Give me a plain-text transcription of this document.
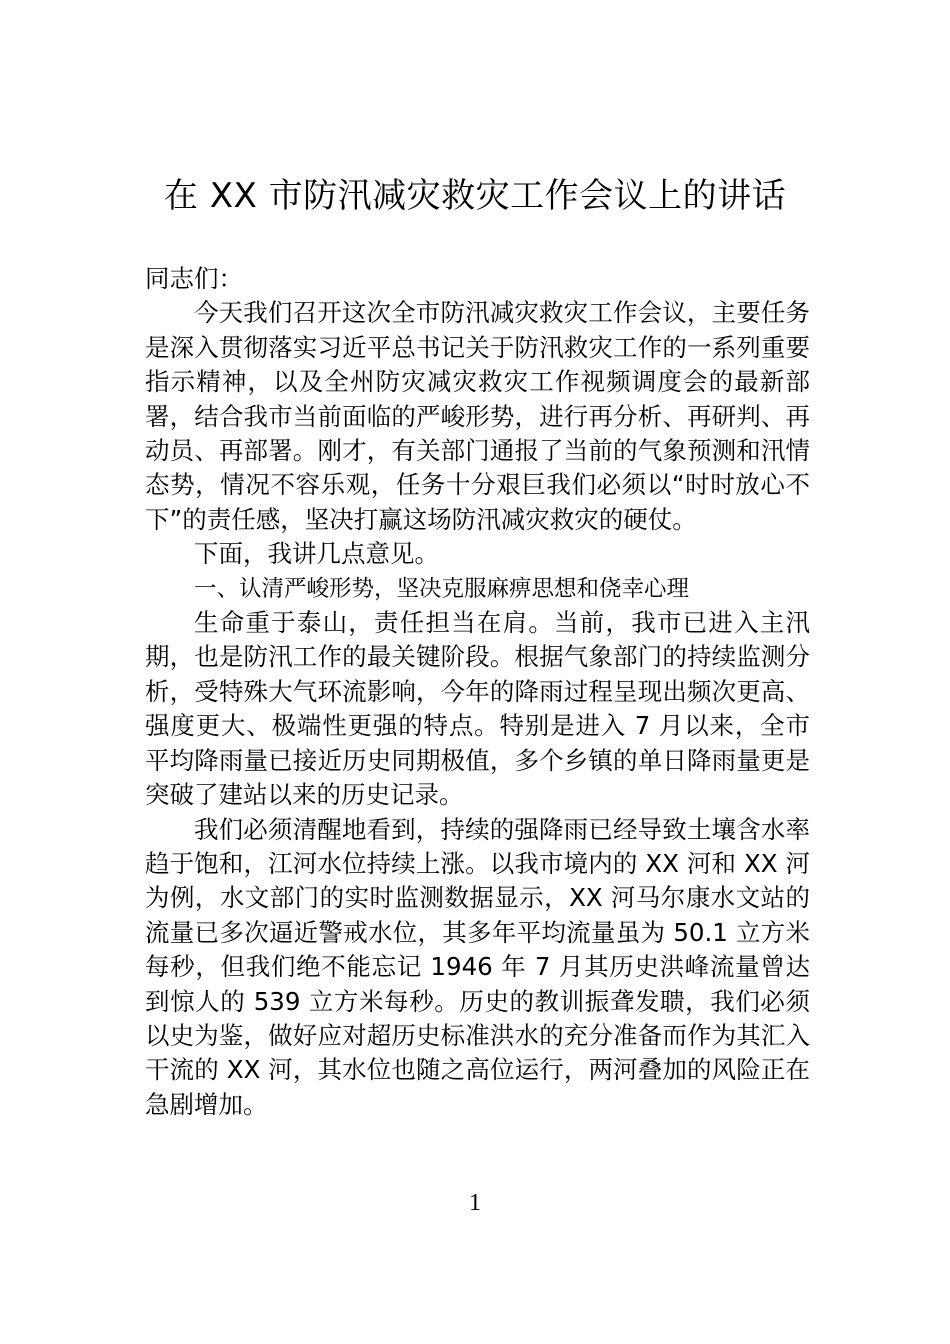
在 XX 市防汛减灾救灾工作会议上的讲话

同志们：

今天我们召开这次全市防汛减灾救灾工作会议，主要任务是深入贯彻落实习近平总书记关于防汛救灾工作的一系列重要指示精神，以及全州防灾减灾救灾工作视频调度会的最新部署，结合我市当前面临的严峻形势，进行再分析、再研判、再动员、再部署。刚才，有关部门通报了当前的气象预测和汛情态势，情况不容乐观，任务十分艰巨我们必须以“时时放心不下”的责任感，坚决打赢这场防汛减灾救灾的硬仗。

下面，我讲几点意见。

一、认清严峻形势，坚决克服麻痹思想和侥幸心理

生命重于泰山，责任担当在肩。当前，我市已进入主汛期，也是防汛工作的最关键阶段。根据气象部门的持续监测分析，受特殊大气环流影响，今年的降雨过程呈现出频次更高、强度更大、极端性更强的特点。特别是进入 7 月以来，全市平均降雨量已接近历史同期极值，多个乡镇的单日降雨量更是突破了建站以来的历史记录。

我们必须清醒地看到，持续的强降雨已经导致土壤含水率趋于饱和，江河水位持续上涨。以我市境内的 XX 河和 XX 河为例，水文部门的实时监测数据显示，XX 河马尔康水文站的流量已多次逼近警戒水位，其多年平均流量虽为 50.1 立方米每秒，但我们绝不能忘记 1946 年 7 月其历史洪峰流量曾达到惊人的 539 立方米每秒。历史的教训振聋发聩，我们必须以史为鉴，做好应对超历史标准洪水的充分准备而作为其汇入干流的 XX 河，其水位也随之高位运行，两河叠加的风险正在急剧增加。

1
